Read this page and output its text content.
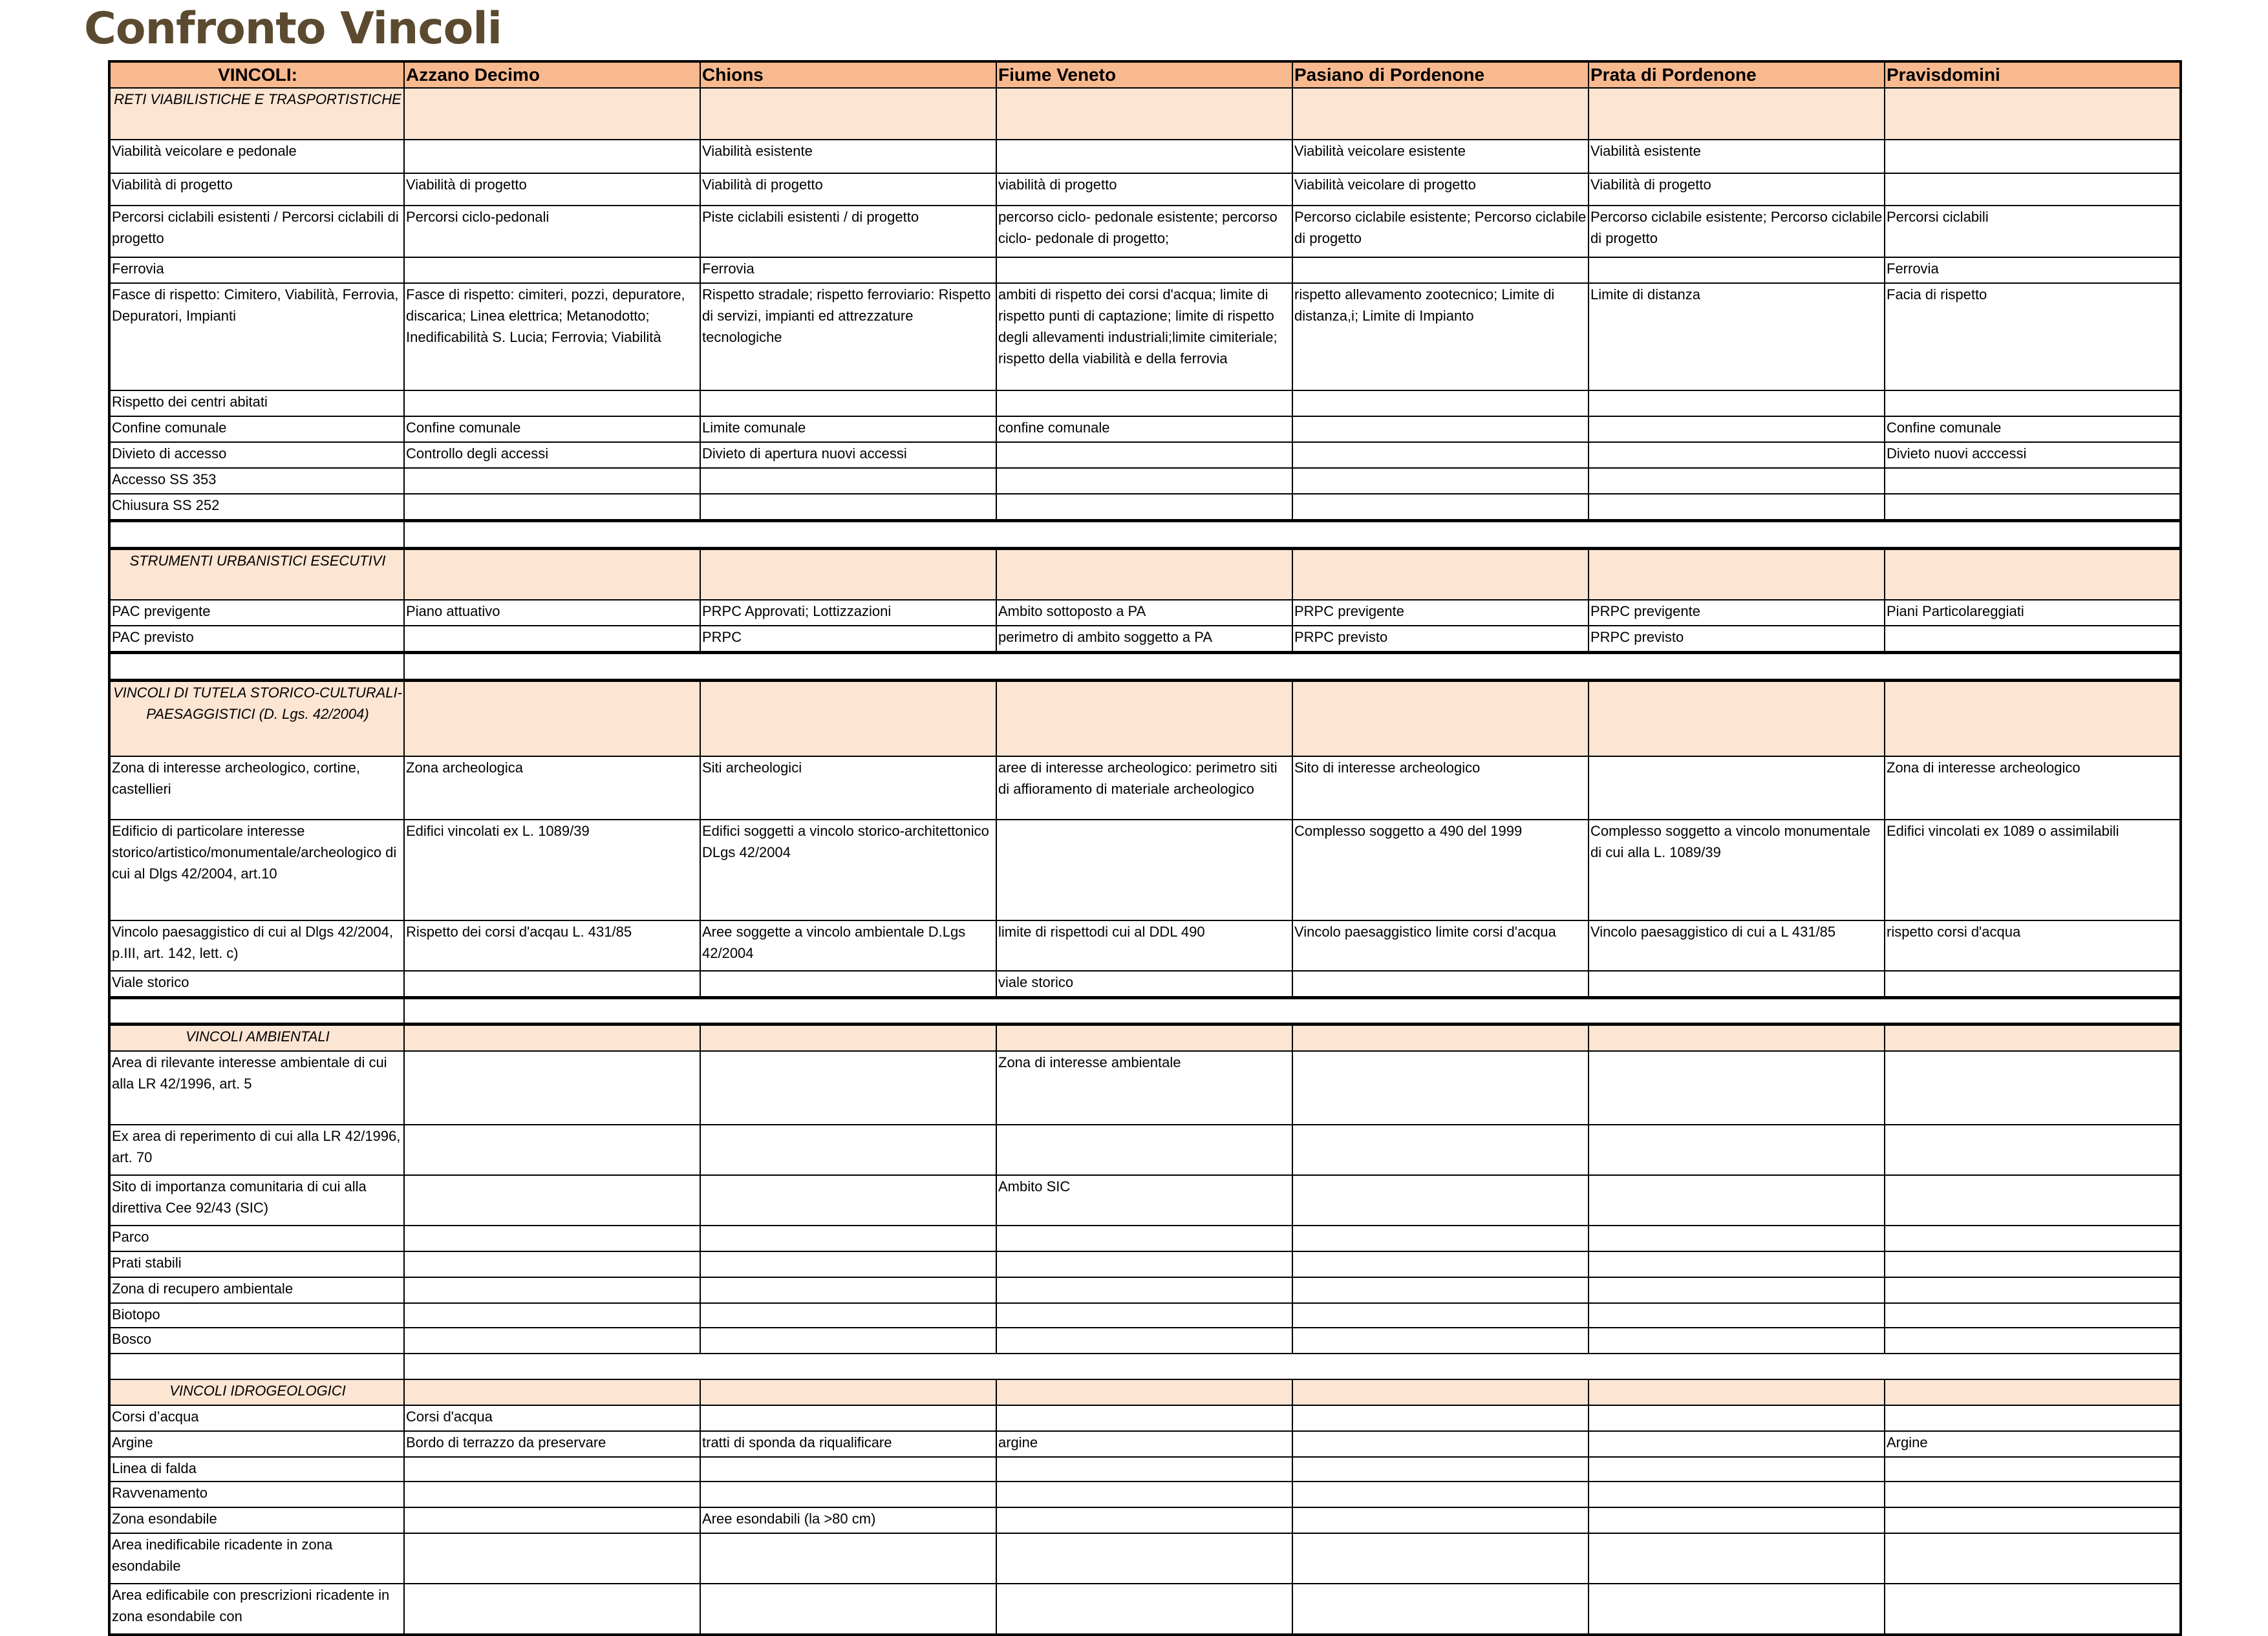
Confronto Vincoli
VINCOLI:	Azzano Decimo	Chions	Fiume Veneto	Pasiano di Pordenone	Prata di Pordenone	Pravisdomini
RETI VIABILISTICHE E TRASPORTISTICHE						
Viabilità veicolare e pedonale		Viabilità esistente		Viabilità veicolare esistente	Viabilità esistente	
Viabilità di progetto	Viabilità di progetto	Viabilità di progetto	viabilità di progetto	Viabilità veicolare di progetto	Viabilità di progetto	
Percorsi ciclabili esistenti / Percorsi ciclabili di progetto	Percorsi ciclo-pedonali	Piste ciclabili esistenti / di progetto	percorso ciclo- pedonale esistente; percorso ciclo- pedonale di progetto;	Percorso ciclabile esistente; Percorso ciclabile di progetto	Percorso ciclabile esistente; Percorso ciclabile di progetto	Percorsi ciclabili
Ferrovia		Ferrovia				Ferrovia
Fasce di rispetto: Cimitero, Viabilità, Ferrovia, Depuratori, Impianti	Fasce di rispetto: cimiteri, pozzi, depuratore, discarica; Linea elettrica; Metanodotto; Inedificabilità S. Lucia; Ferrovia; Viabilità	Rispetto stradale; rispetto ferroviario: Rispetto di servizi, impianti ed attrezzature tecnologiche	ambiti di rispetto dei corsi d'acqua; limite di rispetto punti di captazione; limite di rispetto degli allevamenti industriali;limite cimiteriale; rispetto della viabilità e della ferrovia	rispetto allevamento zootecnico; Limite di distanza,i; Limite di Impianto	Limite di distanza	Facia di rispetto
Rispetto dei centri abitati						
Confine comunale	Confine comunale	Limite comunale	confine comunale			Confine comunale
Divieto di accesso	Controllo degli accessi	Divieto di apertura nuovi accessi				Divieto nuovi acccessi
Accesso SS 353						
Chiusura SS 252						

STRUMENTI URBANISTICI ESECUTIVI						
PAC previgente	Piano attuativo	PRPC Approvati; Lottizzazioni	Ambito sottoposto a PA	PRPC previgente	PRPC previgente	Piani Particolareggiati
PAC previsto		PRPC	perimetro di ambito soggetto a PA	PRPC previsto	PRPC previsto	

VINCOLI DI TUTELA STORICO-CULTURALI-PAESAGGISTICI (D. Lgs. 42/2004)						
Zona di interesse archeologico, cortine, castellieri	Zona archeologica	Siti archeologici	aree di interesse archeologico: perimetro siti di affioramento di materiale archeologico	Sito di interesse archeologico		Zona di interesse archeologico
Edificio di particolare interesse storico/artistico/monumentale/archeologico di cui al Dlgs 42/2004, art.10	Edifici vincolati ex L. 1089/39	Edifici soggetti a vincolo storico-architettonico DLgs 42/2004		Complesso soggetto a 490 del 1999	Complesso soggetto a vincolo monumentale di cui alla L. 1089/39	Edifici vincolati ex 1089 o assimilabili
Vincolo paesaggistico di cui al Dlgs 42/2004, p.III, art. 142, lett. c)	Rispetto dei corsi d'acqau L. 431/85	Aree soggette a vincolo ambientale D.Lgs 42/2004	limite di rispettodi cui al DDL 490	Vincolo paesaggistico limite corsi d'acqua	Vincolo paesaggistico di cui a L 431/85	rispetto corsi d'acqua
Viale storico			viale storico			

VINCOLI AMBIENTALI						
Area di rilevante interesse ambientale di cui alla LR 42/1996, art. 5			Zona di interesse ambientale			
Ex area di reperimento di cui alla LR 42/1996, art. 70						
Sito di importanza comunitaria di cui alla direttiva Cee 92/43 (SIC)			Ambito SIC			
Parco						
Prati stabili						
Zona di recupero ambientale						
Biotopo						
Bosco						

VINCOLI IDROGEOLOGICI						
Corsi d’acqua	Corsi d'acqua					
Argine	Bordo di terrazzo da preservare	tratti di sponda da riqualificare	argine			Argine
Linea di falda						
Ravvenamento						
Zona esondabile		Aree esondabili (la >80 cm)				
Area inedificabile ricadente in zona esondabile						
Area edificabile con prescrizioni ricadente in zona esondabile con						
